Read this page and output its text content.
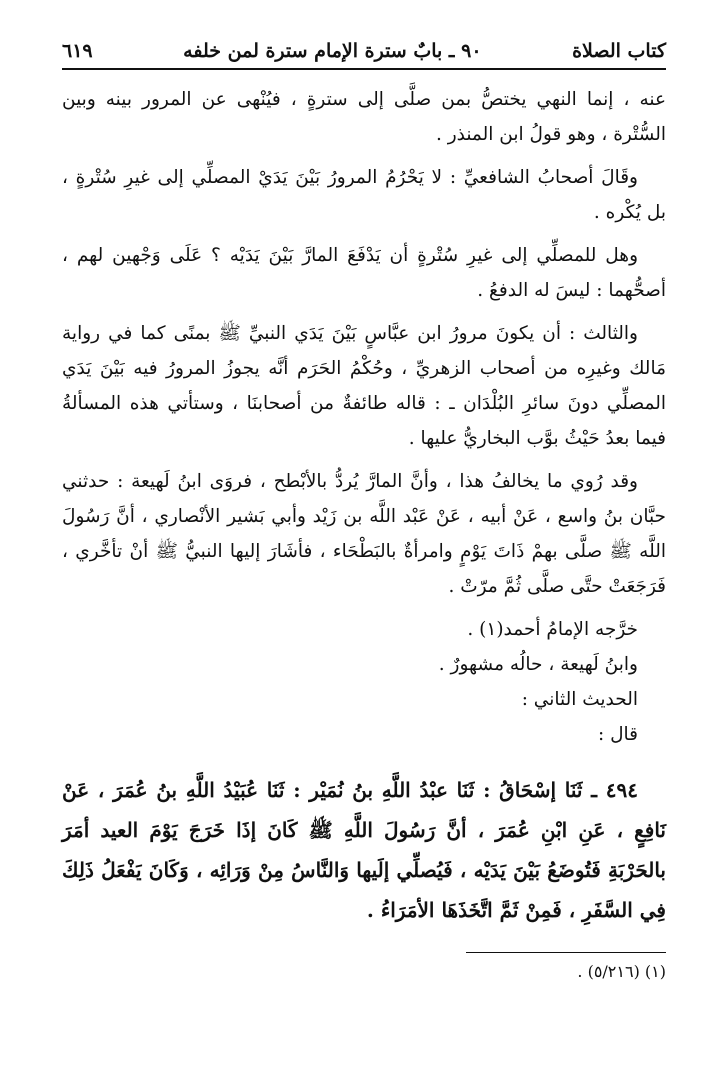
كتاب الصلاة
٩٠ ـ بابٌ سترة الإمام سترة لمن خلفه
٦١٩

عنه ، إنما النهي يختصُّ بمن صلَّى إلى سترةٍ ، فيُنْهى عن المرور بينه وبين السُّتْرة ، وهو قولُ ابن المنذر .

وقَالَ أصحابُ الشافعيِّ : لا يَحْرُمُ المرورُ بَيْنَ يَدَيْ المصلِّي إلى غيرِ سُتْرةٍ ، بل يُكْره .

وهل للمصلِّي إلى غيرِ سُتْرةٍ أن يَدْفَعَ المارَّ بَيْنَ يَدَيْه ؟ عَلَى وَجْهين لهم ، أصحُّهما : ليسَ له الدفعُ .

والثالث : أن يكونَ مرورُ ابن عبَّاسٍ بَيْنَ يَدَي النبيِّ ﷺ بمنًى كما في رواية مَالك وغيرِه من أصحاب الزهريِّ ، وحُكْمُ الحَرَم أنَّه يجوزُ المرورُ فيه بَيْنَ يَدَي المصلِّي دونَ سائرِ البُلْدَان ـ : قاله طائفةٌ من أصحابنَا ، وستأتي هذه المسألةُ فيما بعدُ حَيْثُ بوَّب البخاريُّ عليها .

وقد رُوي ما يخالفُ هذا ، وأنَّ المارَّ يُردُّ بالأبْطح ، فروَى ابنُ لَهيعة : حدثني حبَّان بنُ واسع ، عَنْ أبيه ، عَنْ عَبْد اللَّه بن زَيْد وأبي بَشير الأنْصاري ، أنَّ رَسُولَ اللَّه ﷺ صلَّى بهمْ ذَاتَ يَوْمٍ وامرأةٌ بالبَطْحَاء ، فأشَارَ إليها النبيُّ ﷺ أنْ تأخَّري ، فَرَجَعَتْ حتَّى صلَّى ثُمَّ مرّتْ .

خرَّجه الإمامُ أحمد(١) .

وابنُ لَهيعة ، حالُه مشهورٌ .

الحديث الثاني :

قال :

٤٩٤ ـ ثَنَا إسْحَاقُ : ثَنَا عبْدُ اللَّهِ بنُ نُمَيْر : ثَنَا عُبَيْدُ اللَّهِ بنُ عُمَرَ ، عَنْ نَافِعٍ ، عَنِ ابْنِ عُمَرَ ، أنَّ رَسُولَ اللَّهِ ﷺ كَانَ إذَا خَرَجَ يَوْمَ العيد أمَرَ بالحَرْبَةِ فَتُوضَعُ بَيْنَ يَدَيْه ، فَيُصلِّي إلَيها وَالنَّاسُ مِنْ وَرَائِه ، وَكَانَ يَفْعَلُ ذَلِكَ فِي السَّفَرِ ، فَمِنْ ثَمَّ اتَّخَذَهَا الأمَرَاءُ .

(١) (٥/٢١٦) .
